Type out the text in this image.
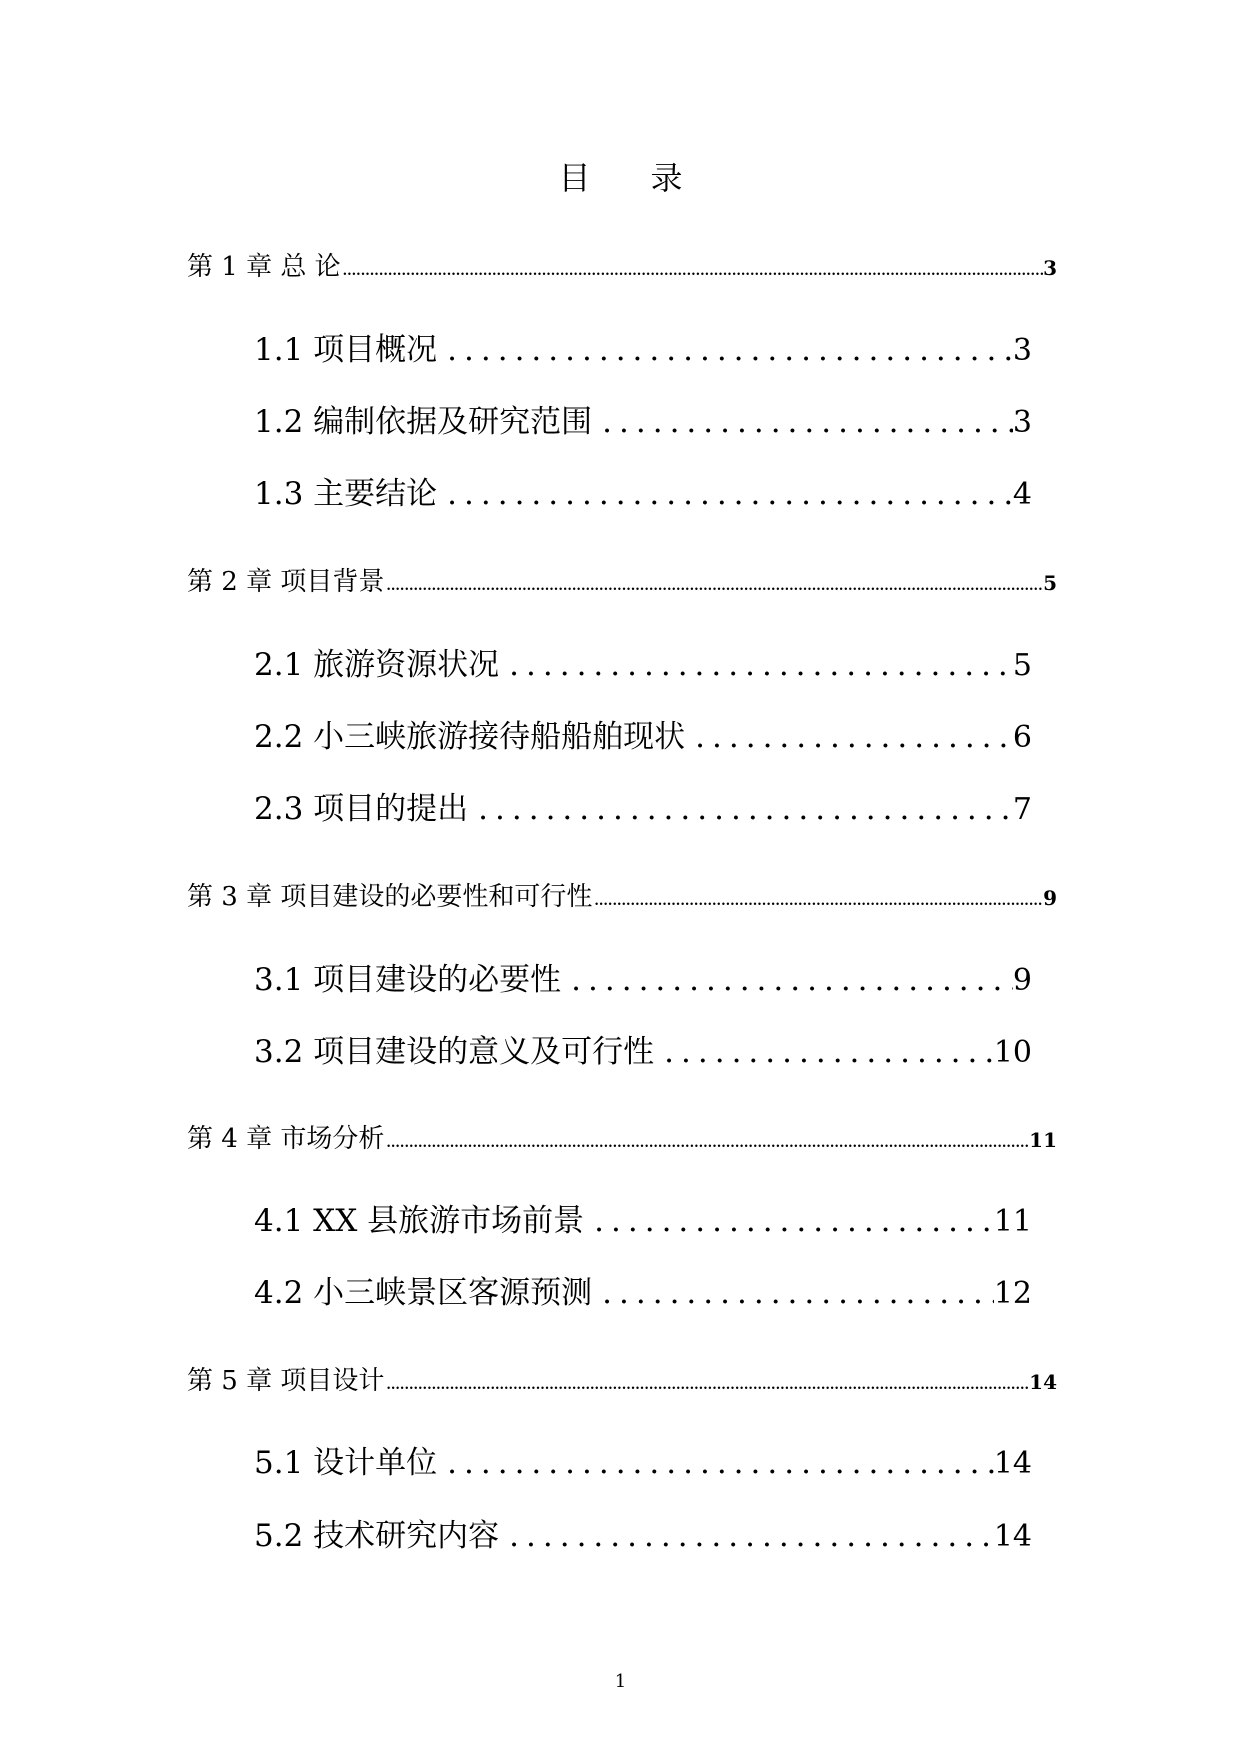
目录
第 1 章 总 论 .....	3
1.1 项目概况 .....	3
1.2 编制依据及研究范围 .....	3
1.3 主要结论 .....	4
第 2 章 项目背景 .....	5
2.1 旅游资源状况 .....	5
2.2 小三峡旅游接待船船舶现状 .....	6
2.3 项目的提出 .....	7
第 3 章 项目建设的必要性和可行性 .....	9
3.1 项目建设的必要性 .....	9
3.2 项目建设的意义及可行性 .....	10
第 4 章 市场分析 .....	11
4.1 XX 县旅游市场前景 .....	11
4.2 小三峡景区客源预测 .....	12
第 5 章 项目设计 .....	14
5.1 设计单位 .....	14
5.2 技术研究内容 .....	14
1
